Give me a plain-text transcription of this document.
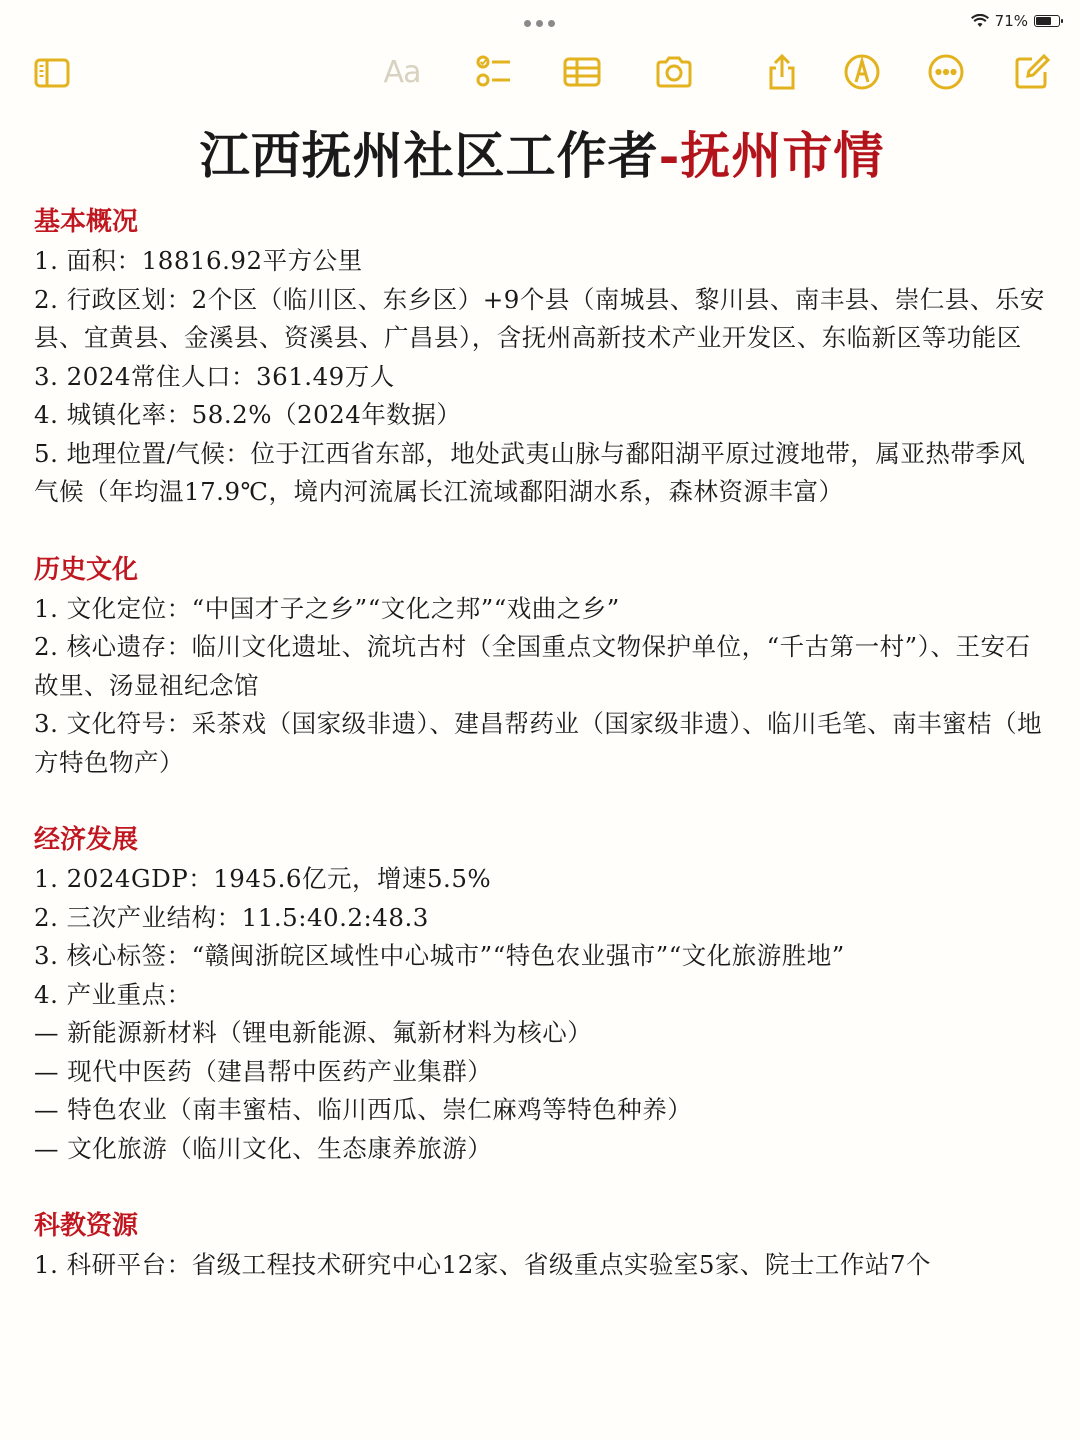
71%
Aa
江西抚州社区工作者-抚州市情

基本概况

1. 面积：18816.92平方公里

2. 行政区划：2个区（临川区、东乡区）+9个县（南城县、黎川县、南丰县、崇仁县、乐安县、宜黄县、金溪县、资溪县、广昌县），含抚州高新技术产业开发区、东临新区等功能区

3. 2024常住人口：361.49万人

4. 城镇化率：58.2%（2024年数据）

5. 地理位置/气候：位于江西省东部，地处武夷山脉与鄱阳湖平原过渡地带，属亚热带季风气候（年均温17.9℃，境内河流属长江流域鄱阳湖水系，森林资源丰富）

历史文化

1. 文化定位：“中国才子之乡”“文化之邦”“戏曲之乡”

2. 核心遗存：临川文化遗址、流坑古村（全国重点文物保护单位，“千古第一村”）、王安石故里、汤显祖纪念馆

3. 文化符号：采茶戏（国家级非遗）、建昌帮药业（国家级非遗）、临川毛笔、南丰蜜桔（地方特色物产）

经济发展

1. 2024GDP：1945.6亿元，增速5.5%

2. 三次产业结构：11.5:40.2:48.3

3. 核心标签：“赣闽浙皖区域性中心城市”“特色农业强市”“文化旅游胜地”

4. 产业重点：

— 新能源新材料（锂电新能源、氟新材料为核心）

— 现代中医药（建昌帮中医药产业集群）

— 特色农业（南丰蜜桔、临川西瓜、崇仁麻鸡等特色种养）

— 文化旅游（临川文化、生态康养旅游）

科教资源

1. 科研平台：省级工程技术研究中心12家、省级重点实验室5家、院士工作站7个
